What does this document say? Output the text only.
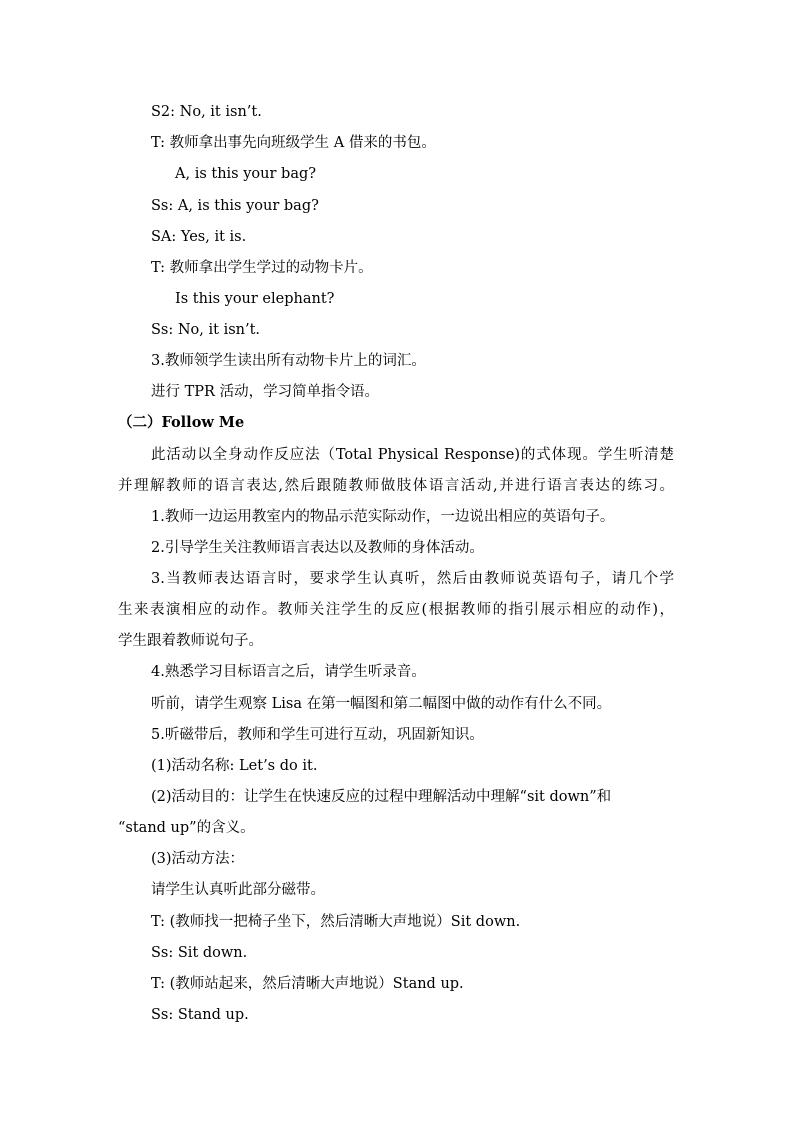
S2: No, it isn’t.
T: 教师拿出事先向班级学生 A 借来的书包。
A, is this your bag?
Ss: A, is this your bag?
SA: Yes, it is.
T: 教师拿出学生学过的动物卡片。
Is this your elephant?
Ss: No, it isn’t.
3.教师领学生读出所有动物卡片上的词汇。
进行 TPR 活动，学习简单指令语。
（二）Follow Me
此活动以全身动作反应法（Total Physical Response)的式体现。学生听清楚
并理解教师的语言表达,然后跟随教师做肢体语言活动,并进行语言表达的练习。
1.教师一边运用教室内的物品示范实际动作，一边说出相应的英语句子。
2.引导学生关注教师语言表达以及教师的身体活动。
3.当教师表达语言时，要求学生认真听，然后由教师说英语句子，请几个学
生来表演相应的动作。教师关注学生的反应(根据教师的指引展示相应的动作)，
学生跟着教师说句子。
4.熟悉学习目标语言之后，请学生听录音。
听前，请学生观察 Lisa 在第一幅图和第二幅图中做的动作有什么不同。
5.听磁带后，教师和学生可进行互动，巩固新知识。
(1)活动名称: Let’s do it.
(2)活动目的：让学生在快速反应的过程中理解活动中理解“sit down”和
“stand up”的含义。
(3)活动方法：
请学生认真听此部分磁带。
T: (教师找一把椅子坐下，然后清晰大声地说）Sit down.
Ss: Sit down.
T: (教师站起来，然后清晰大声地说）Stand up.
Ss: Stand up.
